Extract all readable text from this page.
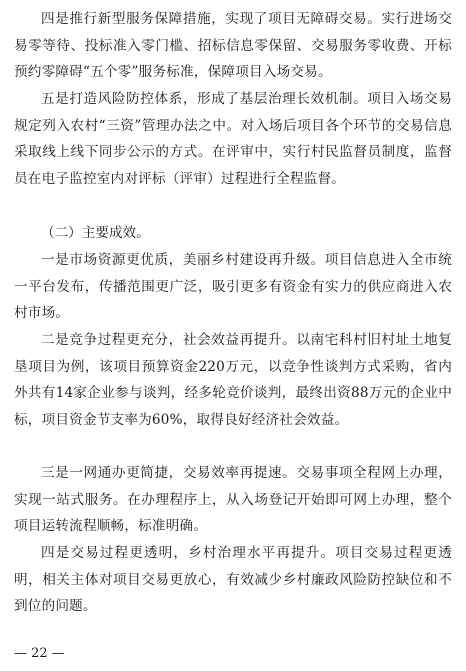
四是推行新型服务保障措施，实现了项目无障碍交易。实行进场交易零等待、投标准入零门槛、招标信息零保留、交易服务零收费、开标预约零障碍“五个零”服务标准，保障项目入场交易。

五是打造风险防控体系，形成了基层治理长效机制。项目入场交易规定列入农村“三资”管理办法之中。对入场后项目各个环节的交易信息采取线上线下同步公示的方式。在评审中，实行村民监督员制度，监督员在电子监控室内对评标（评审）过程进行全程监督。

（二）主要成效。

一是市场资源更优质，美丽乡村建设再升级。项目信息进入全市统一平台发布，传播范围更广泛，吸引更多有资金有实力的供应商进入农村市场。

二是竞争过程更充分，社会效益再提升。以南宅科村旧村址土地复垦项目为例，该项目预算资金220万元，以竞争性谈判方式采购，省内外共有14家企业参与谈判，经多轮竞价谈判，最终出资88万元的企业中标，项目资金节支率为60%，取得良好经济社会效益。

三是一网通办更简捷，交易效率再提速。交易事项全程网上办理，实现一站式服务。在办理程序上，从入场登记开始即可网上办理，整个项目运转流程顺畅，标准明确。

四是交易过程更透明，乡村治理水平再提升。项目交易过程更透明，相关主体对项目交易更放心，有效减少乡村廉政风险防控缺位和不到位的问题。

— 22 —
